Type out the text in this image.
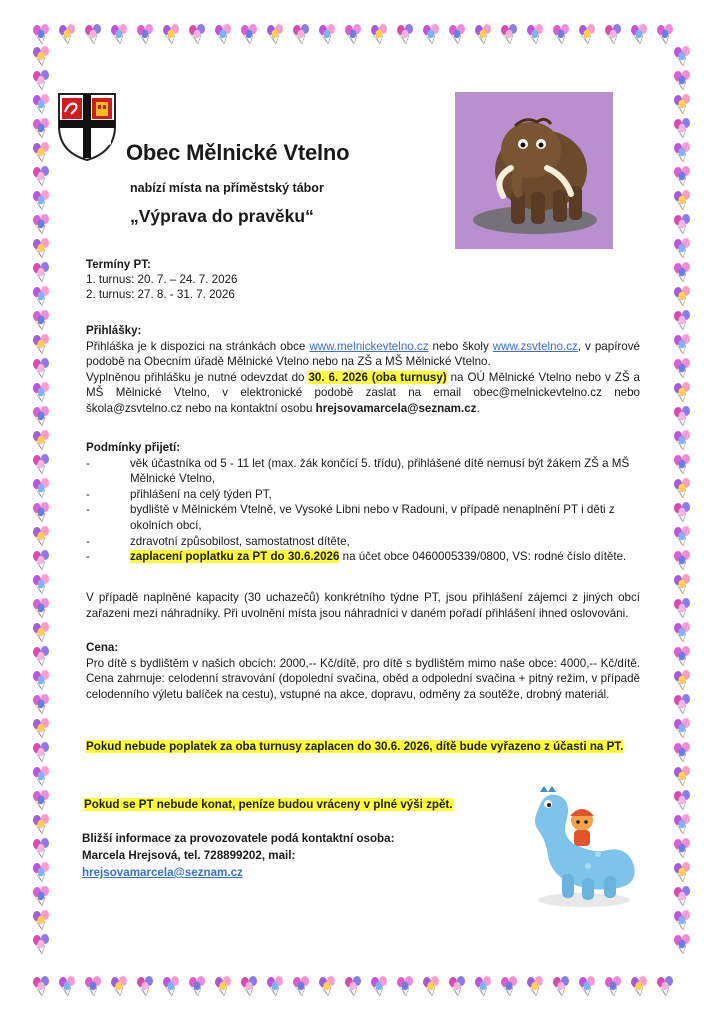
Obec Mělnické Vtelno
nabízí místa na příměstský tábor
„Výprava do pravěku“
Termíny PT:
1. turnus: 20. 7. – 24. 7. 2026
2. turnus: 27. 8. - 31. 7. 2026
Přihlášky:
Přihláška je k dispozici na stránkách obce www.melnickevtelno.cz nebo školy www.zsvtelno.cz, v papírové podobě na Obecním úřadě Mělnické Vtelno nebo na ZŠ a MŠ Mělnické Vtelno.
Vyplněnou přihlášku je nutné odevzdat do 30. 6. 2026 (oba turnusy) na OÚ Mělnické Vtelno nebo v ZŠ a MŠ Mělnické Vtelno, v elektronické podobě zaslat na email obec@melnickevtelno.cz nebo škola@zsvtelno.cz nebo na kontaktní osobu hrejsovamarcela@seznam.cz.
Podmínky přijetí:
-	věk účastníka od 5 - 11 let (max. žák končící 5. třídu), přihlášené dítě nemusí být žákem ZŠ a MŠ Mělnické Vtelno,
-	přihlášení na celý týden PT,
-	bydliště v Mělnickém Vtelně, ve Vysoké Libni nebo v Radouni, v případě nenaplnění PT i děti z okolních obcí,
-	zdravotní způsobilost, samostatnost dítěte,
-	zaplacení poplatku za PT do 30.6.2026 na účet obce 0460005339/0800, VS: rodné číslo dítěte.
V případě naplněné kapacity (30 uchazečů) konkrétního týdne PT, jsou přihlášení zájemci z jiných obcí zařazeni mezi náhradníky. Při uvolnění místa jsou náhradníci v daném pořadí přihlášení ihned oslovováni.
Cena:
Pro dítě s bydlištěm v našich obcích: 2000,-- Kč/dítě, pro dítě s bydlištěm mimo naše obce: 4000,-- Kč/dítě. Cena zahrnuje: celodenní stravování (dopolední svačina, oběd a odpolední svačina + pitný režim, v případě celodenního výletu balíček na cestu), vstupné na akce, dopravu, odměny za soutěže, drobný materiál.
Pokud nebude poplatek za oba turnusy zaplacen do 30.6. 2026, dítě bude vyřazeno z účasti na PT.
Pokud se PT nebude konat, peníze budou vráceny v plné výši zpět.
Bližší informace za provozovatele podá kontaktní osoba:
Marcela Hrejsová, tel. 728899202, mail:
hrejsovamarcela@seznam.cz
